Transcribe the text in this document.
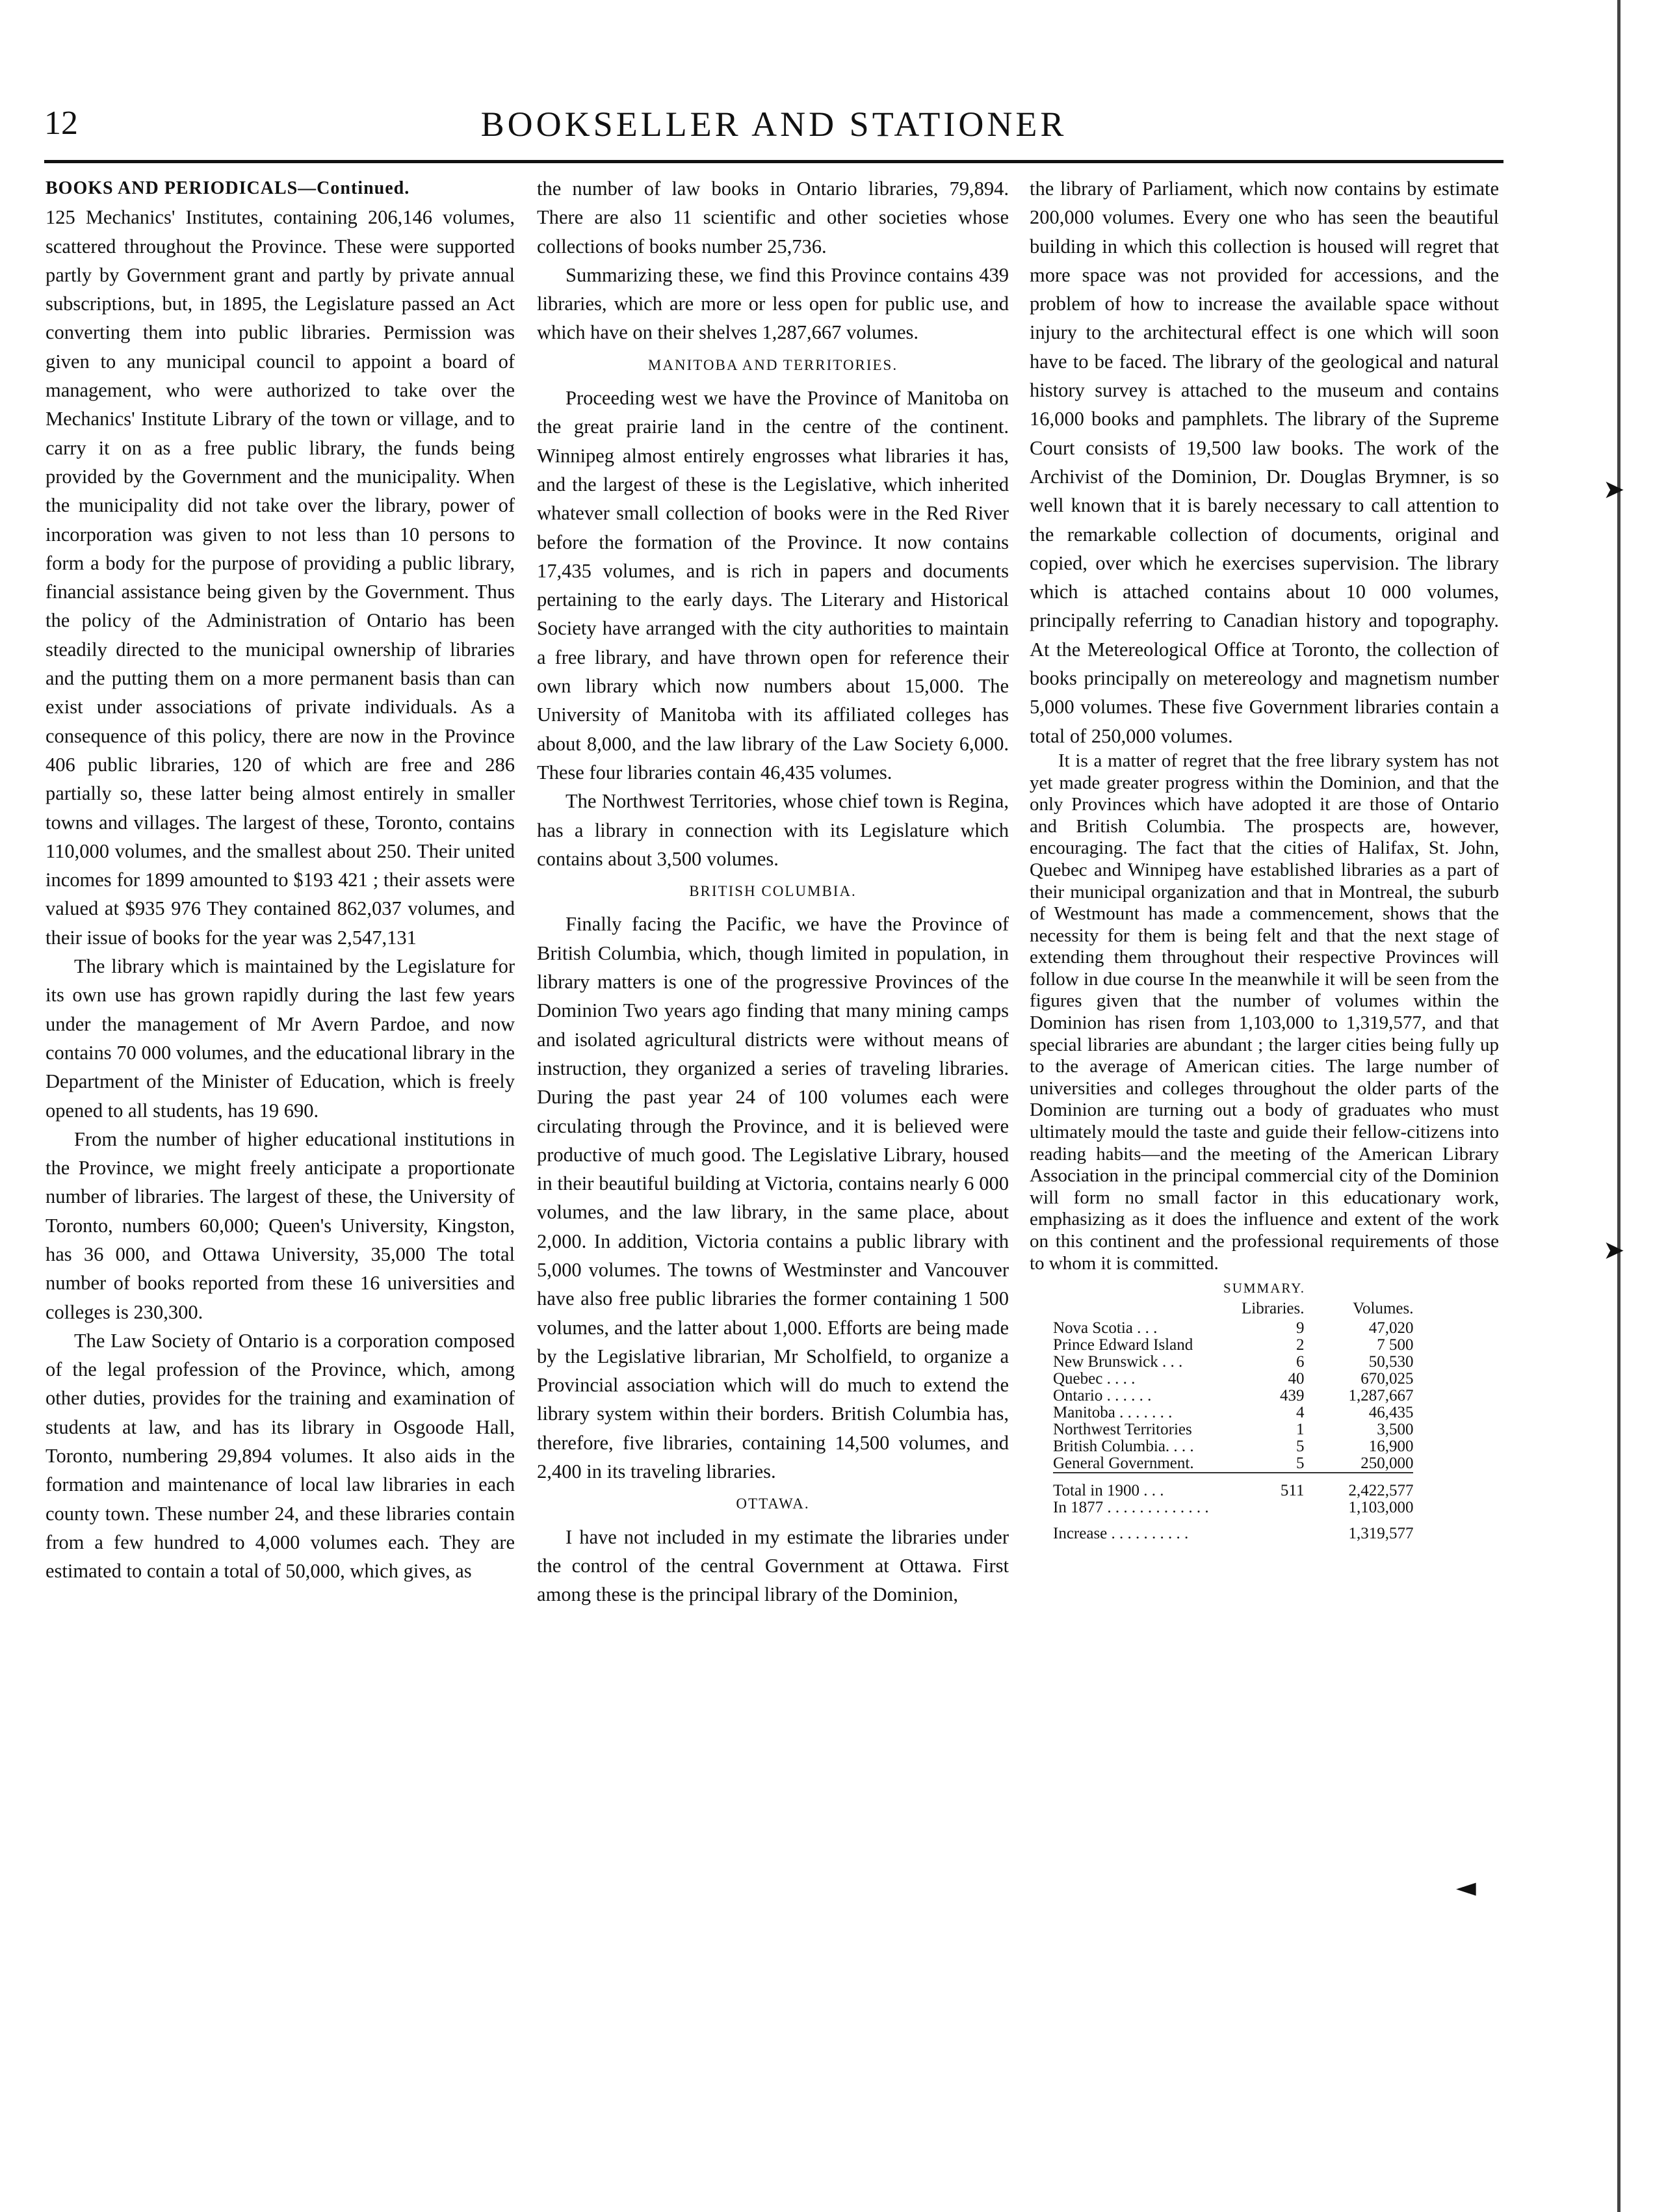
12	BOOKSELLER AND STATIONER

BOOKS AND PERIODICALS—Continued.

125 Mechanics' Institutes, containing 206,146 volumes, scattered throughout the Province. These were supported partly by Government grant and partly by private annual subscriptions, but, in 1895, the Legislature passed an Act converting them into public libraries. Permission was given to any municipal council to appoint a board of management, who were authorized to take over the Mechanics' Institute Library of the town or village, and to carry it on as a free public library, the funds being provided by the Government and the municipality. When the municipality did not take over the library, power of incorporation was given to not less than 10 persons to form a body for the purpose of providing a public library, financial assistance being given by the Government. Thus the policy of the Administration of Ontario has been steadily directed to the municipal ownership of libraries and the putting them on a more permanent basis than can exist under associations of private individuals. As a consequence of this policy, there are now in the Province 406 public libraries, 120 of which are free and 286 partially so, these latter being almost entirely in smaller towns and villages. The largest of these, Toronto, contains 110,000 volumes, and the smallest about 250. Their united incomes for 1899 amounted to $193 421 ; their assets were valued at $935 976 They contained 862,037 volumes, and their issue of books for the year was 2,547,131

The library which is maintained by the Legislature for its own use has grown rapidly during the last few years under the management of Mr Avern Pardoe, and now contains 70 000 volumes, and the educational library in the Department of the Minister of Education, which is freely opened to all students, has 19 690.

From the number of higher educational institutions in the Province, we might freely anticipate a proportionate number of libraries. The largest of these, the University of Toronto, numbers 60,000; Queen's University, Kingston, has 36 000, and Ottawa University, 35,000 The total number of books reported from these 16 universities and colleges is 230,300.

The Law Society of Ontario is a corporation composed of the legal profession of the Province, which, among other duties, provides for the training and examination of students at law, and has its library in Osgoode Hall, Toronto, numbering 29,894 volumes. It also aids in the formation and maintenance of local law libraries in each county town. These number 24, and these libraries contain from a few hundred to 4,000 volumes each. They are estimated to contain a total of 50,000, which gives, as

the number of law books in Ontario libraries, 79,894. There are also 11 scientific and other societies whose collections of books number 25,736.

Summarizing these, we find this Province contains 439 libraries, which are more or less open for public use, and which have on their shelves 1,287,667 volumes.

MANITOBA AND TERRITORIES.

Proceeding west we have the Province of Manitoba on the great prairie land in the centre of the continent. Winnipeg almost entirely engrosses what libraries it has, and the largest of these is the Legislative, which inherited whatever small collection of books were in the Red River before the formation of the Province. It now contains 17,435 volumes, and is rich in papers and documents pertaining to the early days. The Literary and Historical Society have arranged with the city authorities to maintain a free library, and have thrown open for reference their own library which now numbers about 15,000. The University of Manitoba with its affiliated colleges has about 8,000, and the law library of the Law Society 6,000. These four libraries contain 46,435 volumes.

The Northwest Territories, whose chief town is Regina, has a library in connection with its Legislature which contains about 3,500 volumes.

BRITISH COLUMBIA.

Finally facing the Pacific, we have the Province of British Columbia, which, though limited in population, in library matters is one of the progressive Provinces of the Dominion Two years ago finding that many mining camps and isolated agricultural districts were without means of instruction, they organized a series of traveling libraries. During the past year 24 of 100 volumes each were circulating through the Province, and it is believed were productive of much good. The Legislative Library, housed in their beautiful building at Victoria, contains nearly 6 000 volumes, and the law library, in the same place, about 2,000. In addition, Victoria contains a public library with 5,000 volumes. The towns of Westminster and Vancouver have also free public libraries the former containing 1 500 volumes, and the latter about 1,000. Efforts are being made by the Legislative librarian, Mr Scholfield, to organize a Provincial association which will do much to extend the library system within their borders. British Columbia has, therefore, five libraries, containing 14,500 volumes, and 2,400 in its traveling libraries.

OTTAWA.

I have not included in my estimate the libraries under the control of the central Government at Ottawa. First among these is the principal library of the Dominion,

the library of Parliament, which now contains by estimate 200,000 volumes. Every one who has seen the beautiful building in which this collection is housed will regret that more space was not provided for accessions, and the problem of how to increase the available space without injury to the architectural effect is one which will soon have to be faced. The library of the geological and natural history survey is attached to the museum and contains 16,000 books and pamphlets. The library of the Supreme Court consists of 19,500 law books. The work of the Archivist of the Dominion, Dr. Douglas Brymner, is so well known that it is barely necessary to call attention to the remarkable collection of documents, original and copied, over which he exercises supervision. The library which is attached contains about 10 000 volumes, principally referring to Canadian history and topography. At the Metereological Office at Toronto, the collection of books principally on metereology and magnetism number 5,000 volumes. These five Government libraries contain a total of 250,000 volumes.

It is a matter of regret that the free library system has not yet made greater progress within the Dominion, and that the only Provinces which have adopted it are those of Ontario and British Columbia. The prospects are, however, encouraging. The fact that the cities of Halifax, St. John, Quebec and Winnipeg have established libraries as a part of their municipal organization and that in Montreal, the suburb of Westmount has made a commencement, shows that the necessity for them is being felt and that the next stage of extending them throughout their respective Provinces will follow in due course In the meanwhile it will be seen from the figures given that the number of volumes within the Dominion has risen from 1,103,000 to 1,319,577, and that special libraries are abundant ; the larger cities being fully up to the average of American cities. The large number of universities and colleges throughout the older parts of the Dominion are turning out a body of graduates who must ultimately mould the taste and guide their fellow-citizens into reading habits—and the meeting of the American Library Association in the principal commercial city of the Dominion will form no small factor in this educationary work, emphasizing as it does the influence and extent of the work on this continent and the professional requirements of those to whom it is committed.

SUMMARY.
	Libraries.	Volumes.
Nova Scotia . . .	9	47,020
Prince Edward Island	2	7 500
New Brunswick . . .	6	50,530
Quebec . . . .	40	670,025
Ontario . . . . . .	439	1,287,667
Manitoba . . . . . . .	4	46,435
Northwest Territories	1	3,500
British Columbia. . . .	5	16,900
General Government.	5	250,000
Total in 1900 . . .	511	2,422,577
In 1877 . . . . . . . . . . . . .		1,103,000
Increase . . . . . . . . . .		1,319,577
➤
➤
◄
